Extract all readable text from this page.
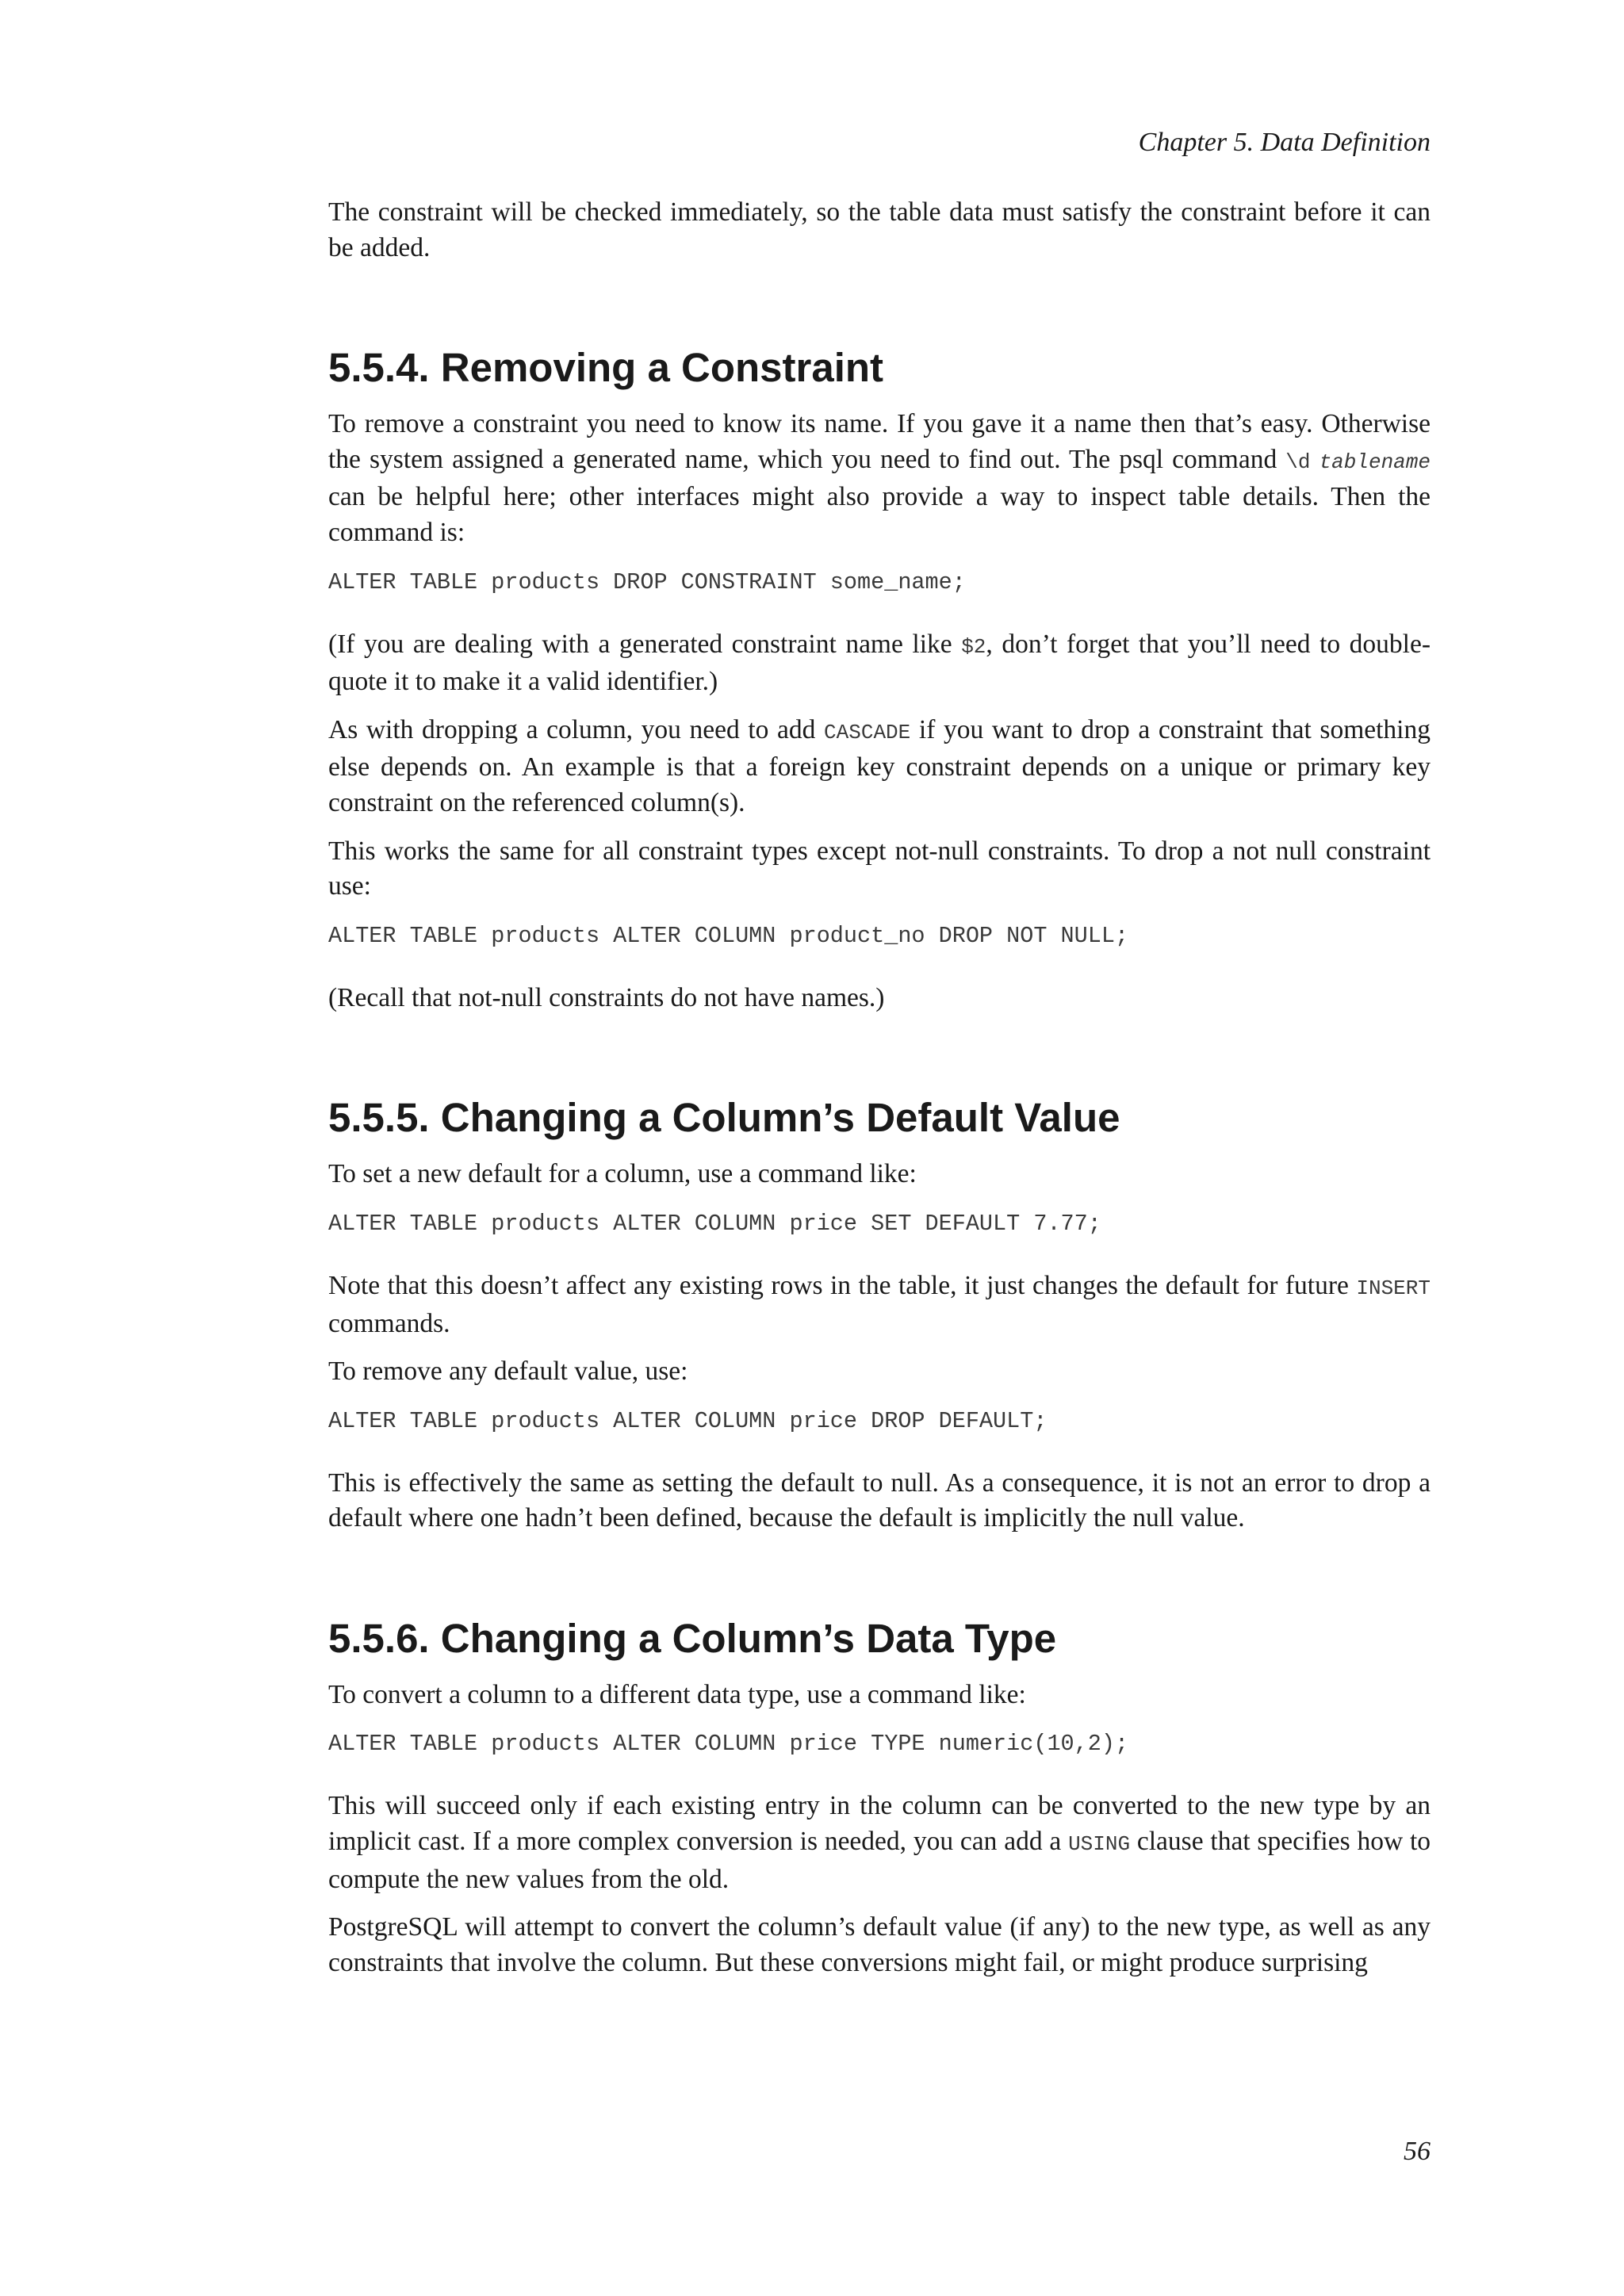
Chapter 5. Data Definition

The constraint will be checked immediately, so the table data must satisfy the constraint before it can be added.

5.5.4. Removing a Constraint

To remove a constraint you need to know its name. If you gave it a name then that’s easy. Otherwise the system assigned a generated name, which you need to find out. The psql command \d tablename can be helpful here; other interfaces might also provide a way to inspect table details. Then the command is:

ALTER TABLE products DROP CONSTRAINT some_name;

(If you are dealing with a generated constraint name like $2, don’t forget that you’ll need to double-quote it to make it a valid identifier.)

As with dropping a column, you need to add CASCADE if you want to drop a constraint that something else depends on. An example is that a foreign key constraint depends on a unique or primary key constraint on the referenced column(s).

This works the same for all constraint types except not-null constraints. To drop a not null constraint use:

ALTER TABLE products ALTER COLUMN product_no DROP NOT NULL;

(Recall that not-null constraints do not have names.)

5.5.5. Changing a Column’s Default Value

To set a new default for a column, use a command like:

ALTER TABLE products ALTER COLUMN price SET DEFAULT 7.77;

Note that this doesn’t affect any existing rows in the table, it just changes the default for future INSERT commands.

To remove any default value, use:

ALTER TABLE products ALTER COLUMN price DROP DEFAULT;

This is effectively the same as setting the default to null. As a consequence, it is not an error to drop a default where one hadn’t been defined, because the default is implicitly the null value.

5.5.6. Changing a Column’s Data Type

To convert a column to a different data type, use a command like:

ALTER TABLE products ALTER COLUMN price TYPE numeric(10,2);

This will succeed only if each existing entry in the column can be converted to the new type by an implicit cast. If a more complex conversion is needed, you can add a USING clause that specifies how to compute the new values from the old.

PostgreSQL will attempt to convert the column’s default value (if any) to the new type, as well as any constraints that involve the column. But these conversions might fail, or might produce surprising

56
